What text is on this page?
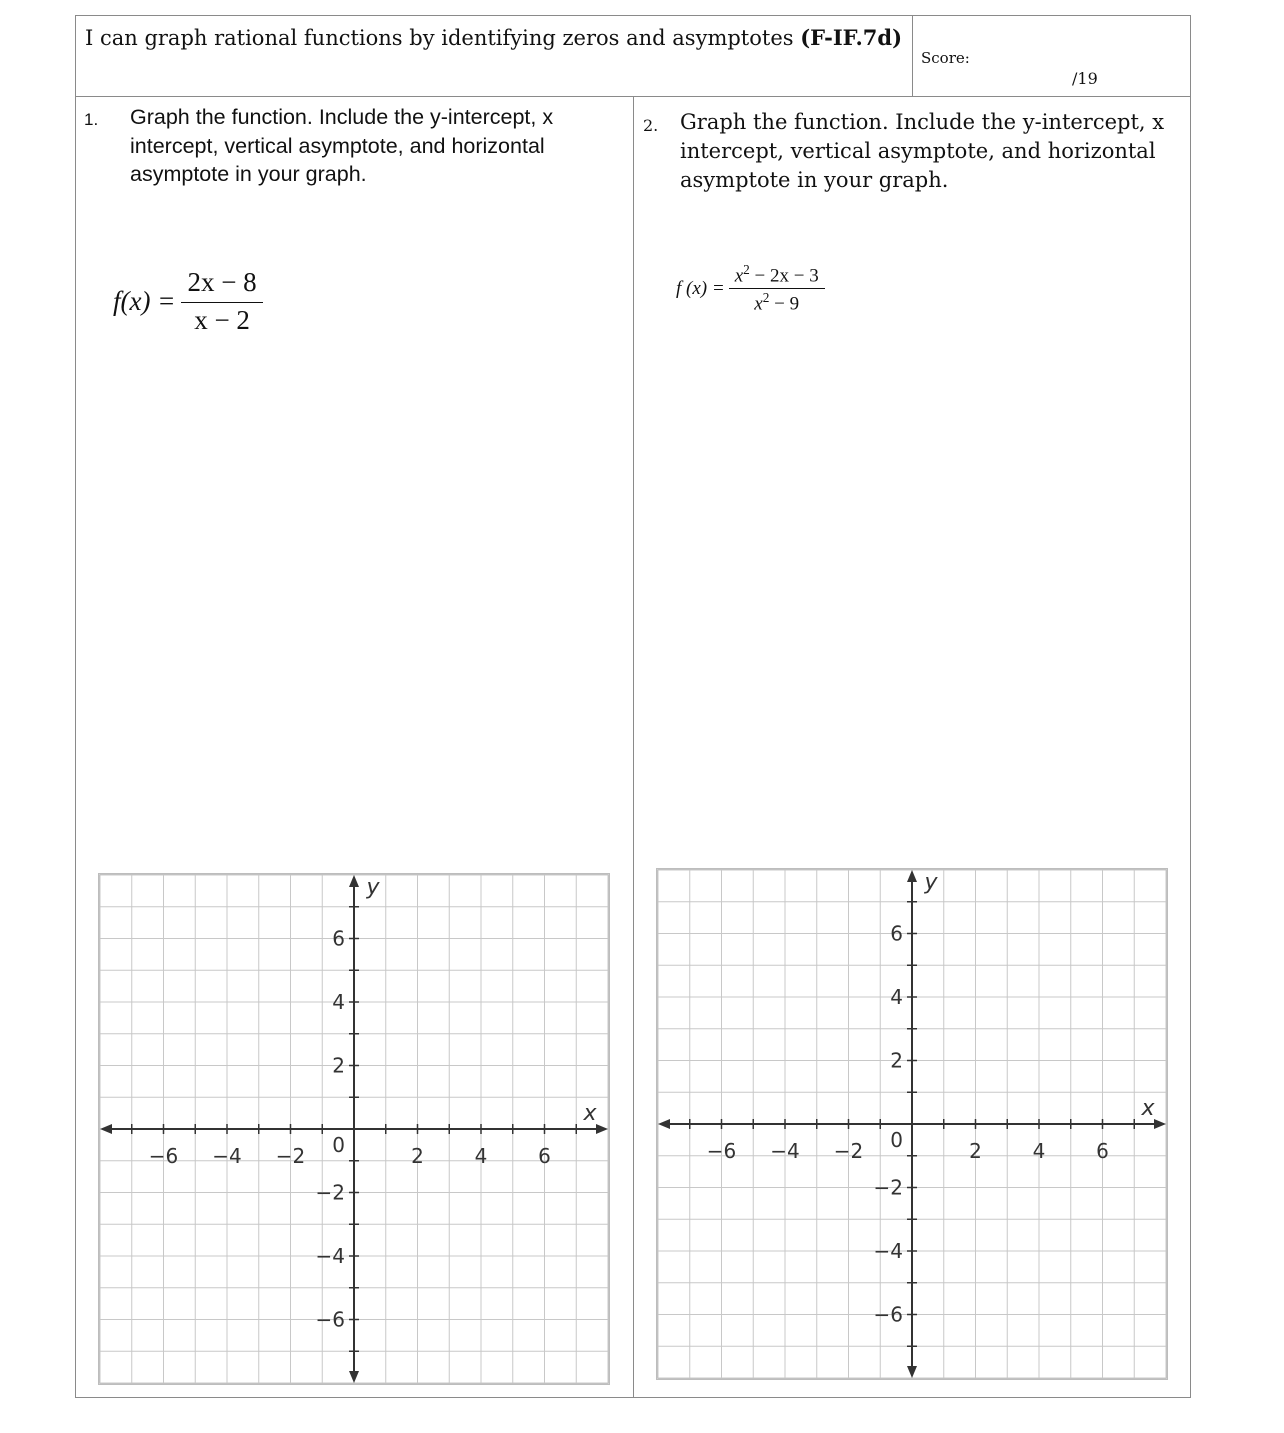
I can graph rational functions by identifying zeros and asymptotes (F-IF.7d)
Score:
/19
1. Graph the function. Include the y-intercept, x
intercept, vertical asymptote, and horizontal
asymptote in your graph.
$f(x) = \frac{2x - 8}{x - 2}$
2. Graph the function. Include the y-intercept, x
intercept, vertical asymptote, and horizontal
asymptote in your graph.
f $(x) = \frac{x^2 - 2x - 3}{x^2 - 9}$
−6 −4 −2	2	4	6
6
4
2
−2
−4
−6
0
x
y
−6 −4 −2	2	4	6
6
4
2
−2
−4
−6
0
x
y
